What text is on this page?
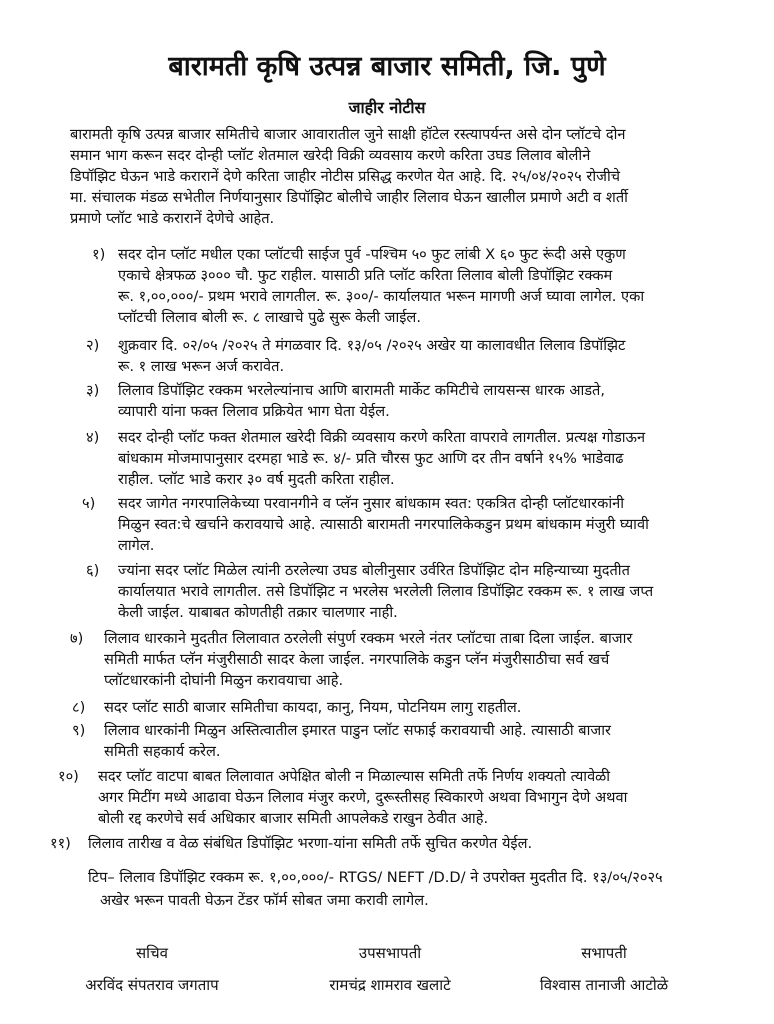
बारामती कृषि उत्पन्न बाजार समिती, जि. पुणे
जाहीर नोटीस

बारामती कृषि उत्पन्न बाजार समितीचे बाजार आवारातील जुने साक्षी हॉटेल रस्त्यापर्यन्त असे दोन प्लॉटचे दोन
समान भाग करून सदर दोन्ही प्लॉट शेतमाल खरेदी विक्री व्यवसाय करणे करिता उघड लिलाव बोलीने
डिपॉझिट घेऊन भाडे करारानें देणे करिता जाहीर नोटीस प्रसिद्ध करणेत येत आहे. दि. २५/०४/२०२५ रोजीचे
मा. संचालक मंडळ सभेतील निर्णयानुसार डिपॉझिट बोलीचे जाहीर लिलाव घेऊन खालील प्रमाणे अटी व शर्ती
प्रमाणे प्लॉट भाडे करारानें देणेचे आहेत.

१) सदर दोन प्लॉट मधील एका प्लॉटची साईज पुर्व -पश्चिम ५० फुट लांबी X ६० फुट रूंदी असे एकुण
एकाचे क्षेत्रफळ ३००० चौ. फुट राहील. यासाठी प्रति प्लॉट करिता लिलाव बोली डिपॉझिट रक्कम
रू. १,००,०००/- प्रथम भरावे लागतील. रू. ३००/- कार्यालयात भरून मागणी अर्ज घ्यावा लागेल. एका
प्लॉटची लिलाव बोली रू. ८ लाखाचे पुढे सुरू केली जाईल.
२) शुक्रवार दि. ०२/०५ /२०२५ ते मंगळवार दि. १३/०५ /२०२५ अखेर या कालावधीत लिलाव डिपॉझिट
रू. १ लाख भरून अर्ज करावेत.
३) लिलाव डिपॉझिट रक्कम भरलेल्यांनाच आणि बारामती मार्केट कमिटीचे लायसन्स धारक आडते,
व्यापारी यांना फक्त लिलाव प्रक्रियेत भाग घेता येईल.
४) सदर दोन्ही प्लॉट फक्त शेतमाल खरेदी विक्री व्यवसाय करणे करिता वापरावे लागतील. प्रत्यक्ष गोडाऊन
बांधकाम मोजमापानुसार दरमहा भाडे रू. ४/- प्रति चौरस फुट आणि दर तीन वर्षाने १५% भाडेवाढ
राहील. प्लॉट भाडे करार ३० वर्ष मुदती करिता राहील.
५) सदर जागेत नगरपालिकेच्या परवानगीने व प्लॅन नुसार बांधकाम स्वत: एकत्रित दोन्ही प्लॉटधारकांनी
मिळुन स्वत:चे खर्चाने करावयाचे आहे. त्यासाठी बारामती नगरपालिकेकडुन प्रथम बांधकाम मंजुरी घ्यावी
लागेल.
६) ज्यांना सदर प्लॉट मिळेल त्यांनी ठरलेल्या उघड बोलीनुसार उर्वरित डिपॉझिट दोन महिन्याच्या मुदतीत
कार्यालयात भरावे लागतील. तसे डिपॉझिट न भरलेस भरलेली लिलाव डिपॉझिट रक्कम रू. १ लाख जप्त
केली जाईल. याबाबत कोणतीही तक्रार चालणार नाही.
७) लिलाव धारकाने मुदतीत लिलावात ठरलेली संपुर्ण रक्कम भरले नंतर प्लॉटचा ताबा दिला जाईल. बाजार
समिती मार्फत प्लॅन मंजुरीसाठी सादर केला जाईल. नगरपालिके कडुन प्लॅन मंजुरीसाठीचा सर्व खर्च
प्लॉटधारकांनी दोघांनी मिळुन करावयाचा आहे.
८) सदर प्लॉट साठी बाजार समितीचा कायदा, कानु, नियम, पोटनियम लागु राहतील.
९) लिलाव धारकांनी मिळुन अस्तित्वातील इमारत पाडुन प्लॉट सफाई करावयाची आहे. त्यासाठी बाजार
समिती सहकार्य करेल.
१०) सदर प्लॉट वाटपा बाबत लिलावात अपेक्षित बोली न मिळाल्यास समिती तर्फे निर्णय शक्यतो त्यावेळी
अगर मिटींग मध्ये आढावा घेऊन लिलाव मंजुर करणे, दुरूस्तीसह स्विकारणे अथवा विभागुन देणे अथवा
बोली रद्द करणेचे सर्व अधिकार बाजार समिती आपलेकडे राखुन ठेवीत आहे.
११) लिलाव तारीख व वेळ संबंधित डिपॉझिट भरणा-यांना समिती तर्फे सुचित करणेत येईल.
टिप– लिलाव डिपॉझिट रक्कम रू. १,००,०००/- RTGS/ NEFT /D.D/ ने उपरोक्त मुदतीत दि. १३/०५/२०२५
अखेर भरून पावती घेऊन टेंडर फॉर्म सोबत जमा करावी लागेल.
सचिव
अरविंद संपतराव जगताप
उपसभापती
रामचंद्र शामराव खलाटे
सभापती
विश्वास तानाजी आटोळे
